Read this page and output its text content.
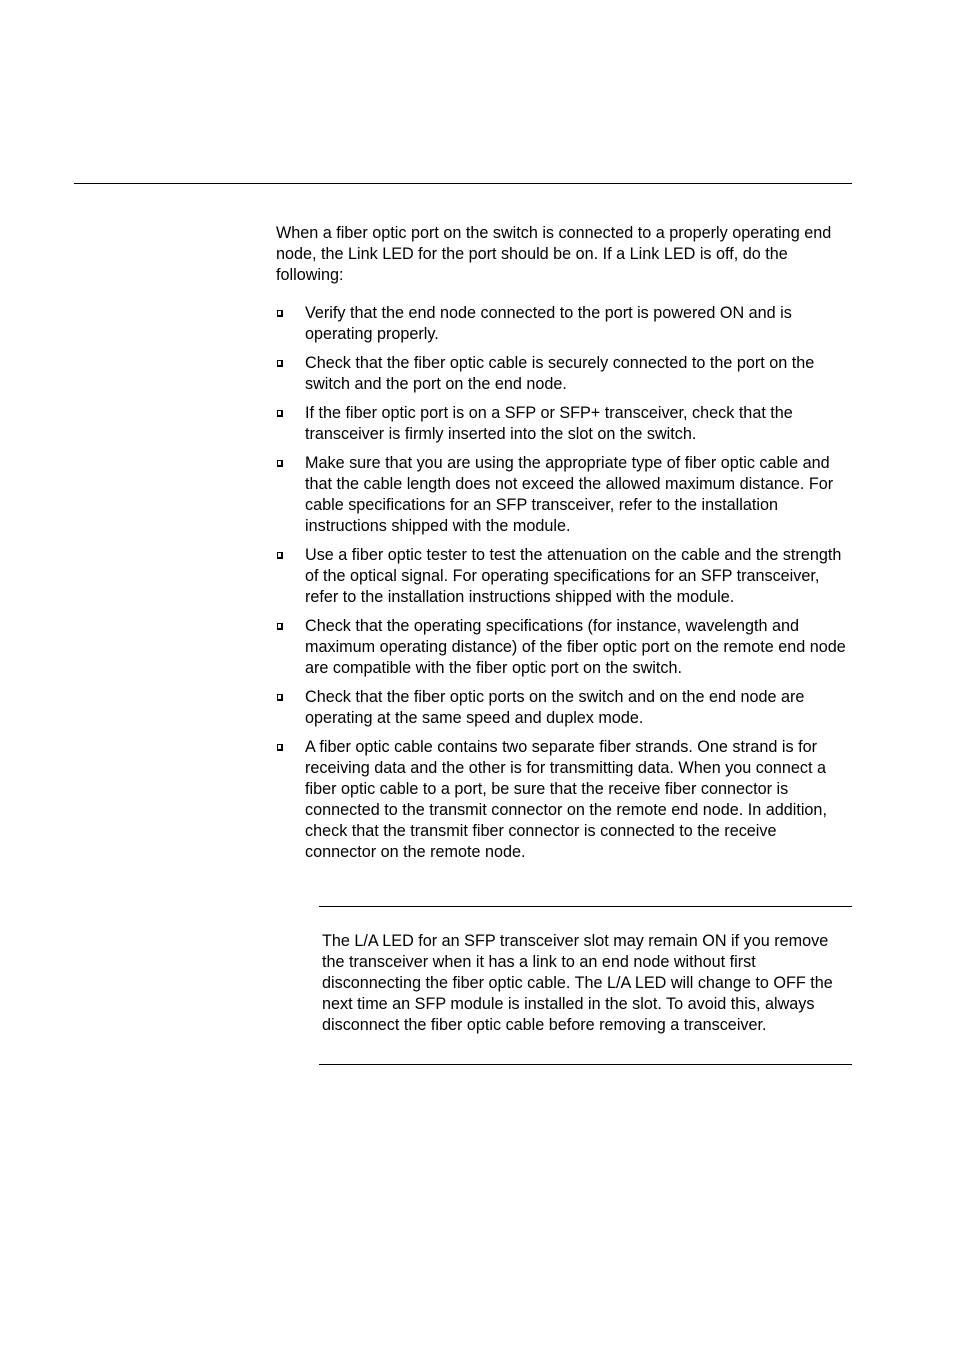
When a fiber optic port on the switch is connected to a properly operating end node, the Link LED for the port should be on. If a Link LED is off, do the following:

Verify that the end node connected to the port is powered ON and is operating properly.
Check that the fiber optic cable is securely connected to the port on the switch and the port on the end node.
If the fiber optic port is on a SFP or SFP+ transceiver, check that the transceiver is firmly inserted into the slot on the switch.
Make sure that you are using the appropriate type of fiber optic cable and that the cable length does not exceed the allowed maximum distance. For cable specifications for an SFP transceiver, refer to the installation instructions shipped with the module.
Use a fiber optic tester to test the attenuation on the cable and the strength of the optical signal. For operating specifications for an SFP transceiver, refer to the installation instructions shipped with the module.
Check that the operating specifications (for instance, wavelength and maximum operating distance) of the fiber optic port on the remote end node are compatible with the fiber optic port on the switch.
Check that the fiber optic ports on the switch and on the end node are operating at the same speed and duplex mode.
A fiber optic cable contains two separate fiber strands. One strand is for receiving data and the other is for transmitting data. When you connect a fiber optic cable to a port, be sure that the receive fiber connector is connected to the transmit connector on the remote end node. In addition, check that the transmit fiber connector is connected to the receive connector on the remote node.

The L/A LED for an SFP transceiver slot may remain ON if you remove the transceiver when it has a link to an end node without first disconnecting the fiber optic cable. The L/A LED will change to OFF the next time an SFP module is installed in the slot. To avoid this, always disconnect the fiber optic cable before removing a transceiver.
